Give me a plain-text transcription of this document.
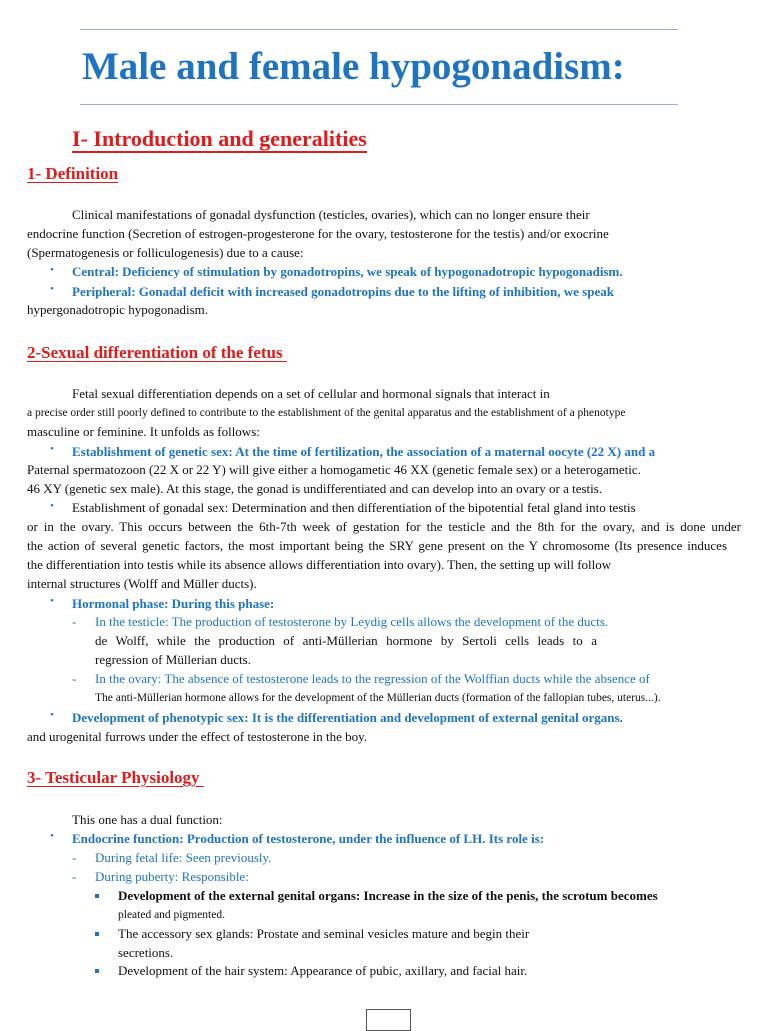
Male and female hypogonadism:
I- Introduction and generalities
1- Definition
Clinical manifestations of gonadal dysfunction (testicles, ovaries), which can no longer ensure their
endocrine function (Secretion of estrogen-progesterone for the ovary, testosterone for the testis) and/or exocrine
(Spermatogenesis or folliculogenesis) due to a cause:
• Central: Deficiency of stimulation by gonadotropins, we speak of hypogonadotropic hypogonadism.
• Peripheral: Gonadal deficit with increased gonadotropins due to the lifting of inhibition, we speak
hypergonadotropic hypogonadism.
2-Sexual differentiation of the fetus
Fetal sexual differentiation depends on a set of cellular and hormonal signals that interact in
a precise order still poorly defined to contribute to the establishment of the genital apparatus and the establishment of a phenotype
masculine or feminine. It unfolds as follows:
• Establishment of genetic sex: At the time of fertilization, the association of a maternal oocyte (22 X) and a
Paternal spermatozoon (22 X or 22 Y) will give either a homogametic 46 XX (genetic female sex) or a heterogametic.
46 XY (genetic sex male). At this stage, the gonad is undifferentiated and can develop into an ovary or a testis.
• Establishment of gonadal sex: Determination and then differentiation of the bipotential fetal gland into testis
or in the ovary. This occurs between the 6th-7th week of gestation for the testicle and the 8th for the ovary, and is done under
the action of several genetic factors, the most important being the SRY gene present on the Y chromosome (Its presence induces
the differentiation into testis while its absence allows differentiation into ovary). Then, the setting up will follow
internal structures (Wolff and Müller ducts).
• Hormonal phase: During this phase:
- In the testicle: The production of testosterone by Leydig cells allows the development of the ducts.
de Wolff, while the production of anti-Müllerian hormone by Sertoli cells leads to a
regression of Müllerian ducts.
- In the ovary: The absence of testosterone leads to the regression of the Wolffian ducts while the absence of
The anti-Müllerian hormone allows for the development of the Müllerian ducts (formation of the fallopian tubes, uterus...).
• Development of phenotypic sex: It is the differentiation and development of external genital organs.
and urogenital furrows under the effect of testosterone in the boy.
3- Testicular Physiology
This one has a dual function:
• Endocrine function: Production of testosterone, under the influence of LH. Its role is:
- During fetal life: Seen previously.
- During puberty: Responsible:
Development of the external genital organs: Increase in the size of the penis, the scrotum becomes
pleated and pigmented.
The accessory sex glands: Prostate and seminal vesicles mature and begin their
secretions.
Development of the hair system: Appearance of pubic, axillary, and facial hair.
